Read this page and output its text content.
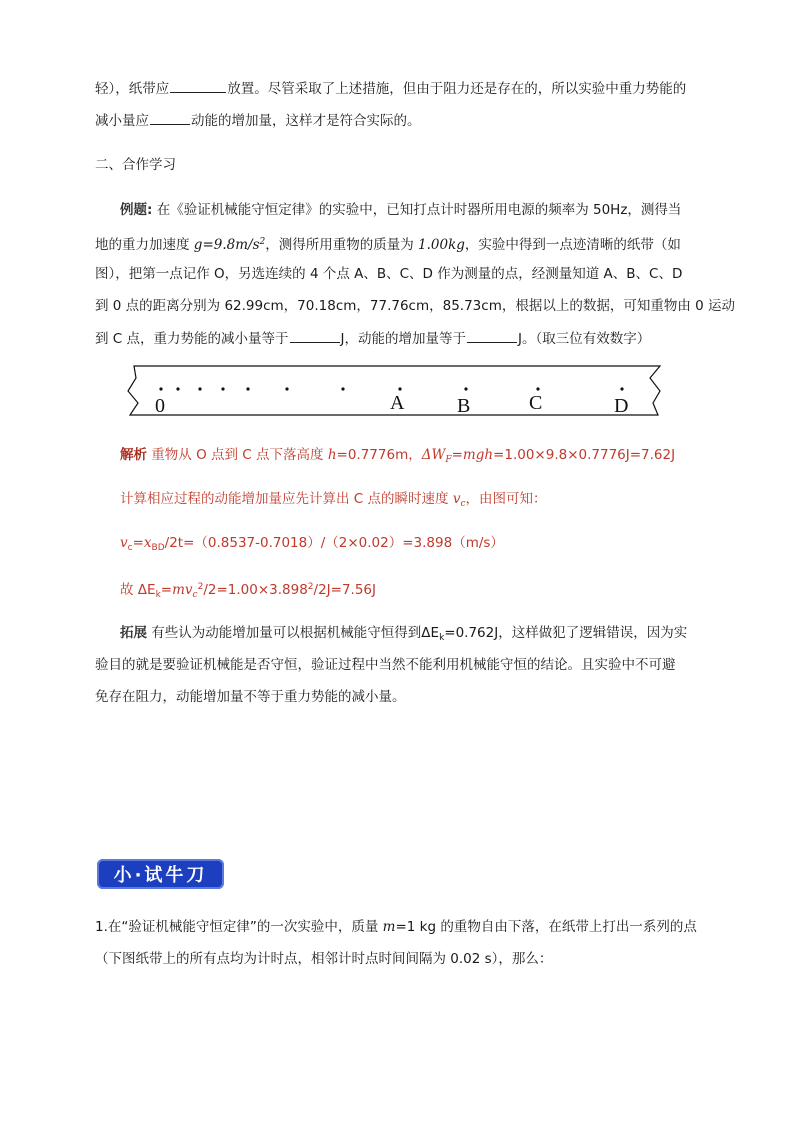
轻），纸带应	放置。尽管采取了上述措施，但由于阻力还是存在的，所以实验中重力势能的
减小量应	动能的增加量，这样才是符合实际的。
二、合作学习
例题: 在《验证机械能守恒定律》的实验中，已知打点计时器所用电源的频率为 50Hz，测得当
地的重力加速度 $g=9.8m/s^2$，测得所用重物的质量为 1.00kg，实验中得到一点迹清晰的纸带（如
图），把第一点记作 O，另选连续的 4 个点 A、B、C、D 作为测量的点，经测量知道 A、B、C、D
到 0 点的距离分别为 62.99cm，70.18cm，77.76cm，85.73cm，根据以上的数据，可知重物由 0 运动
到 C 点，重力势能的减小量等于	J，动能的增加量等于	J。（取三位有效数字）
解析 重物从 O 点到 C 点下落高度 h=0.7776m，$\Delta W_F=mgh=1.00\times 9.8\times 0.7776J=7.62J$
计算相应过程的动能增加量应先计算出 C 点的瞬时速度 $v_c$，由图可知：
$v_c=x_{BD}/2t=(0.8537-0.7018)/(2\times 0.02)=3.898(m/s)$
故 $\Delta E_k=mv_c^2/2=1.00\times 3.898^2/2J=7.56J$
拓展 有些认为动能增加量可以根据机械能守恒得到$\Delta E_k=0.762J$，这样做犯了逻辑错误，因为实
验目的就是要验证机械能是否守恒，验证过程中当然不能利用机械能守恒的结论。且实验中不可避
免存在阻力，动能增加量不等于重力势能的减小量。
1.在“验证机械能守恒定律”的一次实验中，质量 m=1 kg 的重物自由下落，在纸带上打出一系列的点
（下图纸带上的所有点均为计时点，相邻计时点时间间隔为 0.02 s），那么：
0	A	B	C	D
小·试牛刀
